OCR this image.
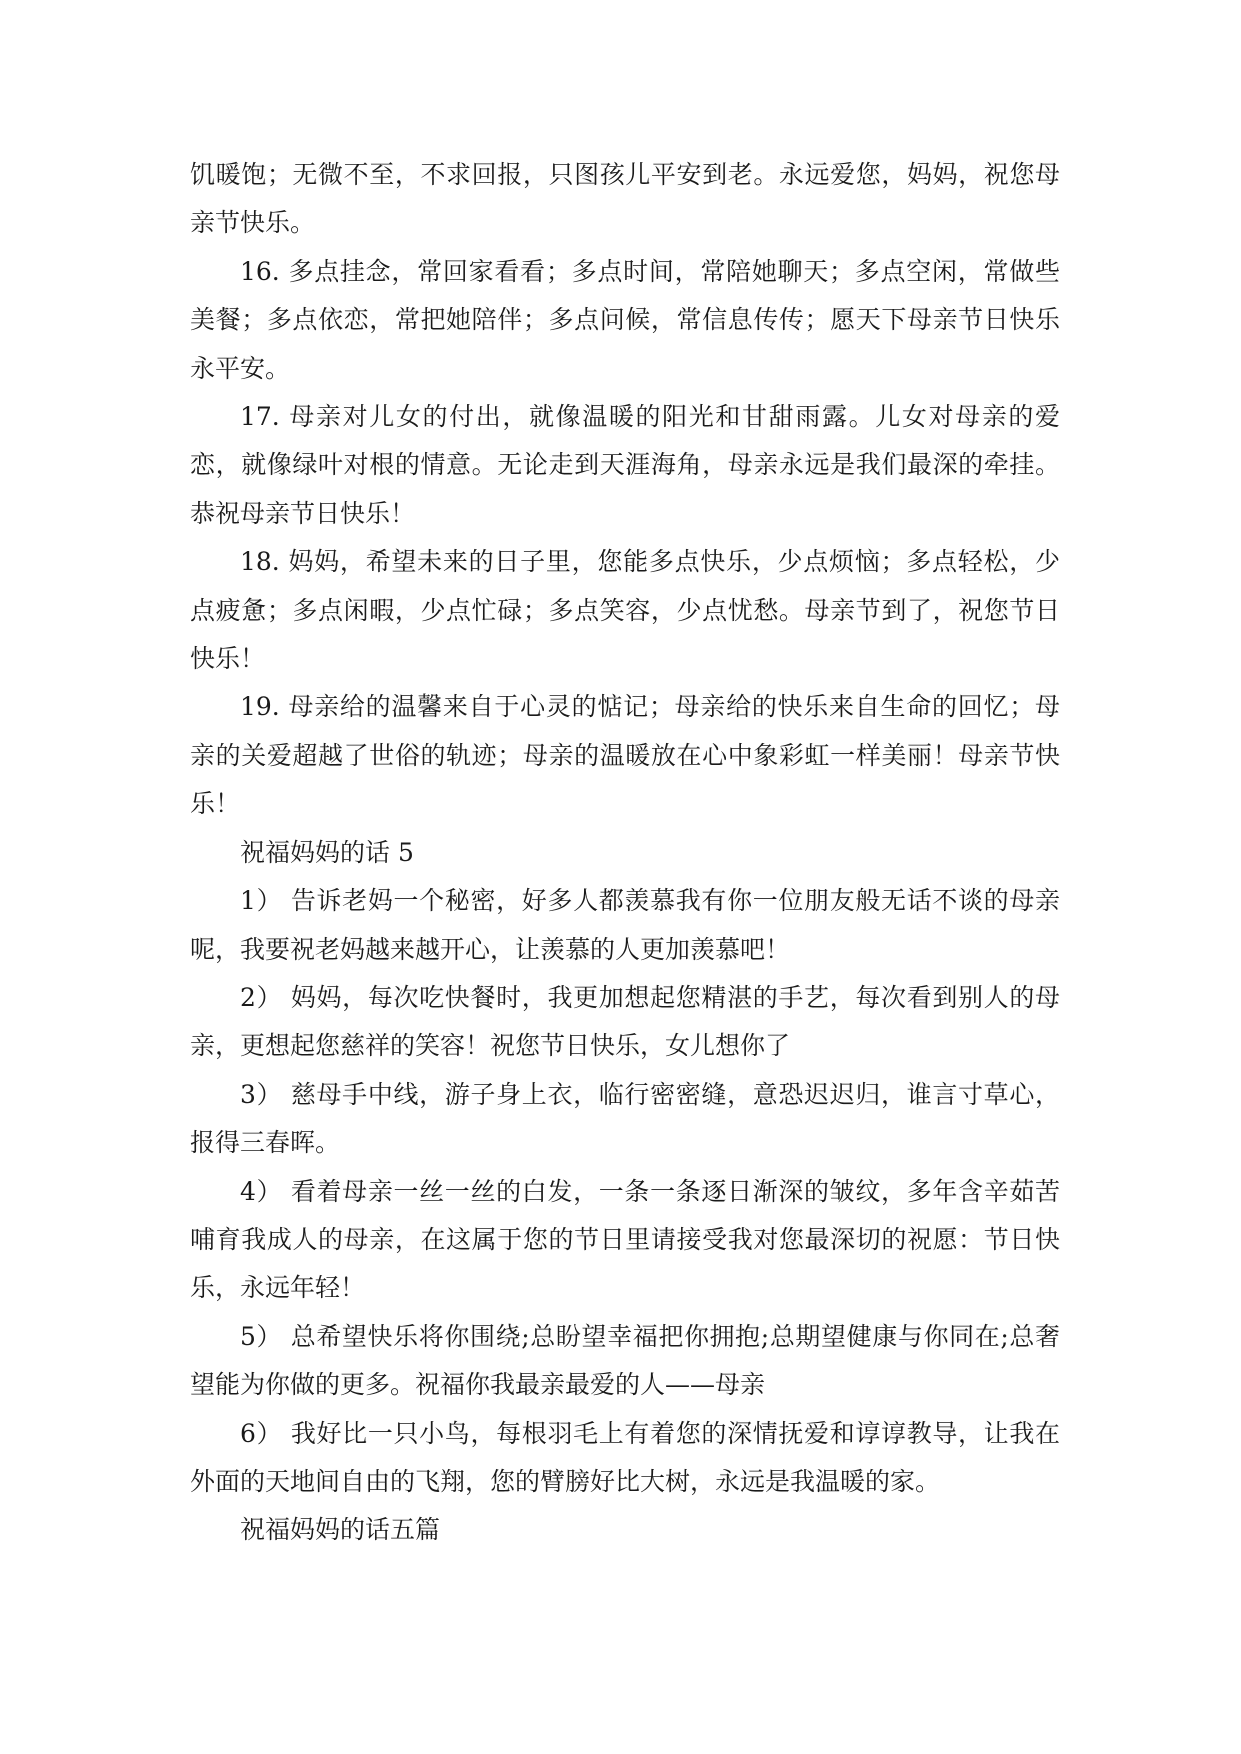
饥暖饱；无微不至，不求回报，只图孩儿平安到老。永远爱您，妈妈，祝您母亲节快乐。

16. 多点挂念，常回家看看；多点时间，常陪她聊天；多点空闲，常做些美餐；多点依恋，常把她陪伴；多点问候，常信息传传；愿天下母亲节日快乐永平安。

17. 母亲对儿女的付出，就像温暖的阳光和甘甜雨露。儿女对母亲的爱恋，就像绿叶对根的情意。无论走到天涯海角，母亲永远是我们最深的牵挂。恭祝母亲节日快乐！

18. 妈妈，希望未来的日子里，您能多点快乐，少点烦恼；多点轻松，少点疲惫；多点闲暇，少点忙碌；多点笑容，少点忧愁。母亲节到了，祝您节日快乐！

19. 母亲给的温馨来自于心灵的惦记；母亲给的快乐来自生命的回忆；母亲的关爱超越了世俗的轨迹；母亲的温暖放在心中象彩虹一样美丽！母亲节快乐！

祝福妈妈的话 5

1） 告诉老妈一个秘密，好多人都羡慕我有你一位朋友般无话不谈的母亲呢，我要祝老妈越来越开心，让羡慕的人更加羡慕吧！

2） 妈妈，每次吃快餐时，我更加想起您精湛的手艺，每次看到别人的母亲，更想起您慈祥的笑容！祝您节日快乐，女儿想你了

3） 慈母手中线，游子身上衣，临行密密缝，意恐迟迟归，谁言寸草心，报得三春晖。

4） 看着母亲一丝一丝的白发，一条一条逐日渐深的皱纹，多年含辛茹苦哺育我成人的母亲，在这属于您的节日里请接受我对您最深切的祝愿：节日快乐，永远年轻！

5） 总希望快乐将你围绕;总盼望幸福把你拥抱;总期望健康与你同在;总奢望能为你做的更多。祝福你我最亲最爱的人——母亲

6） 我好比一只小鸟，每根羽毛上有着您的深情抚爱和谆谆教导，让我在外面的天地间自由的飞翔，您的臂膀好比大树，永远是我温暖的家。

祝福妈妈的话五篇
